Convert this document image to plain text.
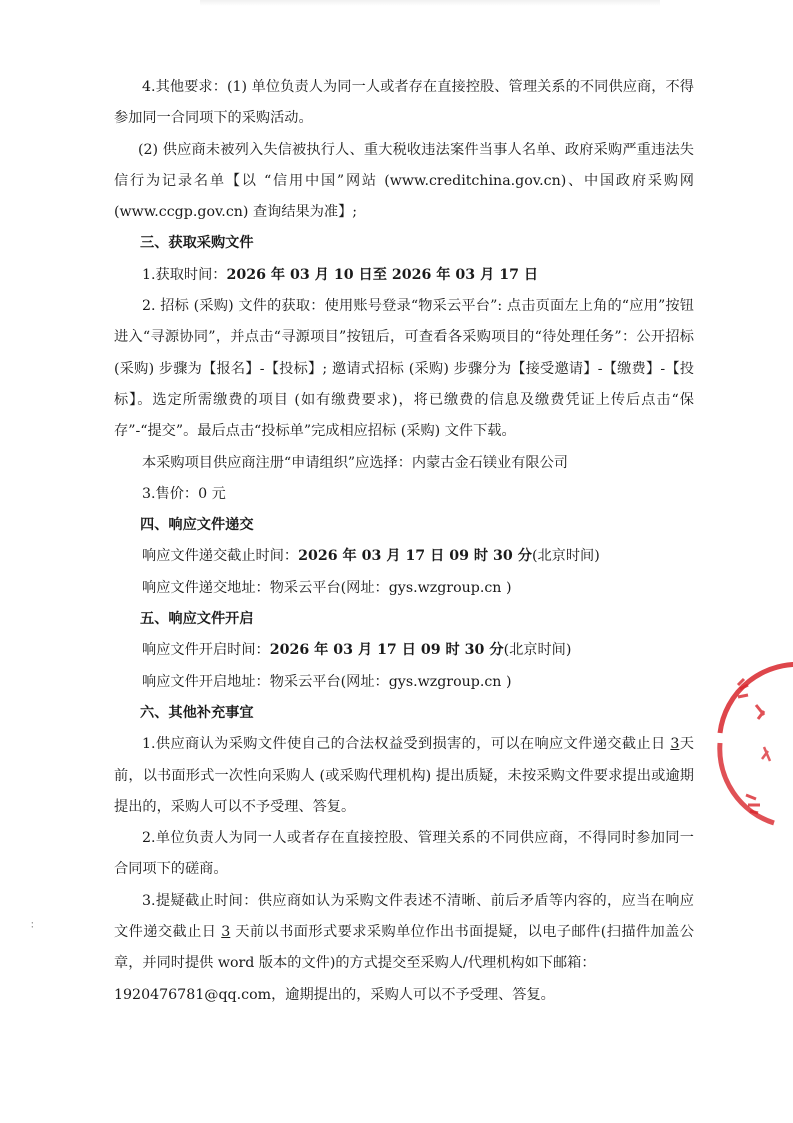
4.其他要求：(1) 单位负责人为同一人或者存在直接控股、管理关系的不同供应商，不得参加同一合同项下的采购活动。

(2) 供应商未被列入失信被执行人、重大税收违法案件当事人名单、政府采购严重违法失信行为记录名单【以 “信用中国”网站 (www.creditchina.gov.cn)、中国政府采购网 (www.ccgp.gov.cn) 查询结果为准】;

三、获取采购文件

1.获取时间：2026 年 03 月 10 日至 2026 年 03 月 17 日

2. 招标 (采购) 文件的获取：使用账号登录“物采云平台”: 点击页面左上角的“应用”按钮进入“寻源协同”，并点击“寻源项目”按钮后，可查看各采购项目的“待处理任务”：公开招标 (采购) 步骤为【报名】-【投标】; 邀请式招标 (采购) 步骤分为【接受邀请】-【缴费】-【投标】。选定所需缴费的项目 (如有缴费要求)，将已缴费的信息及缴费凭证上传后点击“保存”-“提交”。最后点击“投标单”完成相应招标 (采购) 文件下载。

本采购项目供应商注册“申请组织”应选择：内蒙古金石镁业有限公司

3.售价：0 元

四、响应文件递交

响应文件递交截止时间：2026 年 03 月 17 日 09 时 30 分(北京时间)

响应文件递交地址：物采云平台(网址：gys.wzgroup.cn )

五、响应文件开启

响应文件开启时间：2026 年 03 月 17 日 09 时 30 分(北京时间)

响应文件开启地址：物采云平台(网址：gys.wzgroup.cn )

六、其他补充事宜

1.供应商认为采购文件使自己的合法权益受到损害的，可以在响应文件递交截止日 3天前，以书面形式一次性向采购人 (或采购代理机构) 提出质疑，未按采购文件要求提出或逾期提出的，采购人可以不予受理、答复。

2.单位负责人为同一人或者存在直接控股、管理关系的不同供应商，不得同时参加同一合同项下的磋商。

3.提疑截止时间：供应商如认为采购文件表述不清晰、前后矛盾等内容的，应当在响应文件递交截止日 3 天前以书面形式要求采购单位作出书面提疑，以电子邮件(扫描件加盖公章，并同时提供 word 版本的文件)的方式提交至采购人/代理机构如下邮箱：

1920476781@qq.com，逾期提出的，采购人可以不予受理、答复。

：
